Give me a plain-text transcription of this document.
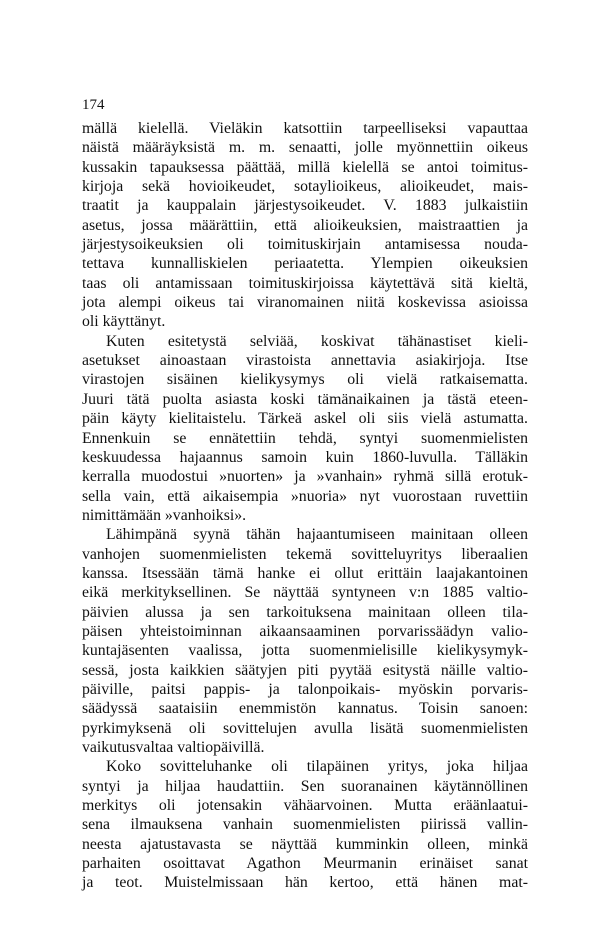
174
mällä kielellä. Vieläkin katsottiin tarpeelliseksi vapauttaa
näistä määräyksistä m. m. senaatti, jolle myönnettiin oikeus
kussakin tapauksessa päättää, millä kielellä se antoi toimitus-
kirjoja sekä hovioikeudet, sotaylioikeus, alioikeudet, mais-
traatit ja kauppalain järjestysoikeudet. V. 1883 julkaistiin
asetus, jossa määrättiin, että alioikeuksien, maistraattien ja
järjestysoikeuksien oli toimituskirjain antamisessa nouda-
tettava kunnalliskielen periaatetta. Ylempien oikeuksien
taas oli antamissaan toimituskirjoissa käytettävä sitä kieltä,
jota alempi oikeus tai viranomainen niitä koskevissa asioissa
oli käyttänyt.
Kuten esitetystä selviää, koskivat tähänastiset kieli-
asetukset ainoastaan virastoista annettavia asiakirjoja. Itse
virastojen sisäinen kielikysymys oli vielä ratkaisematta.
Juuri tätä puolta asiasta koski tämänaikainen ja tästä eteen-
päin käyty kielitaistelu. Tärkeä askel oli siis vielä astumatta.
Ennenkuin se ennätettiin tehdä, syntyi suomenmielisten
keskuudessa hajaannus samoin kuin 1860-luvulla. Tälläkin
kerralla muodostui »nuorten» ja »vanhain» ryhmä sillä erotuk-
sella vain, että aikaisempia »nuoria» nyt vuorostaan ruvettiin
nimittämään »vanhoiksi».
Lähimpänä syynä tähän hajaantumiseen mainitaan olleen
vanhojen suomenmielisten tekemä sovitteluyritys liberaalien
kanssa. Itsessään tämä hanke ei ollut erittäin laajakantoinen
eikä merkityksellinen. Se näyttää syntyneen v:n 1885 valtio-
päivien alussa ja sen tarkoituksena mainitaan olleen tila-
päisen yhteistoiminnan aikaansaaminen porvarissäädyn valio-
kuntajäsenten vaalissa, jotta suomenmielisille kielikysymyk-
sessä, josta kaikkien säätyjen piti pyytää esitystä näille valtio-
päiville, paitsi pappis- ja talonpoikais- myöskin porvaris-
säädyssä saataisiin enemmistön kannatus. Toisin sanoen:
pyrkimyksenä oli sovittelujen avulla lisätä suomenmielisten
vaikutusvaltaa valtiopäivillä.
Koko sovitteluhanke oli tilapäinen yritys, joka hiljaa
syntyi ja hiljaa haudattiin. Sen suoranainen käytännöllinen
merkitys oli jotensakin vähäarvoinen. Mutta eräänlaatui-
sena ilmauksena vanhain suomenmielisten piirissä vallin-
neesta ajatustavasta se näyttää kumminkin olleen, minkä
parhaiten osoittavat Agathon Meurmanin erinäiset sanat
ja teot. Muistelmissaan hän kertoo, että hänen mat-
